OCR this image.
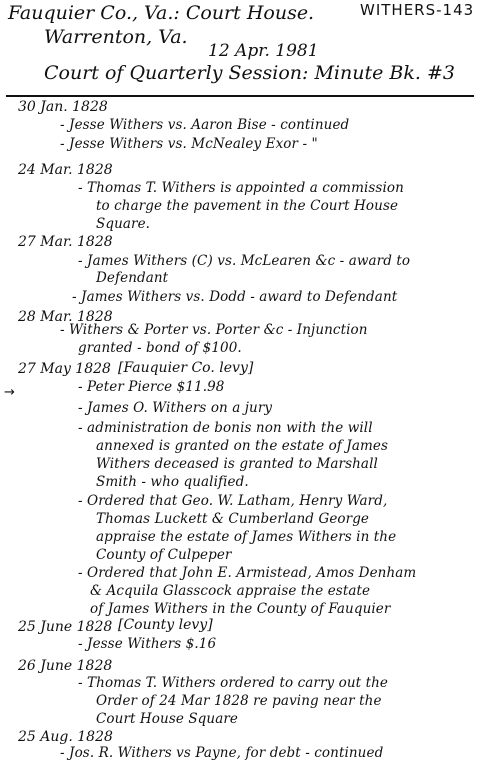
Fauquier Co., Va.: Court House.	WITHERS-143
Warrenton, Va.
12 Apr. 1981
Court of Quarterly Session: Minute Bk. #3
30 Jan. 1828
- Jesse Withers vs. Aaron Bise - continued
- Jesse Withers vs. McNealey Exor - "
24 Mar. 1828
- Thomas T. Withers is appointed a commission
to charge the pavement in the Court House
Square.
27 Mar. 1828
- James Withers (C) vs. McLearen &c - award to
Defendant
- James Withers vs. Dodd - award to Defendant
28 Mar. 1828
- Withers & Porter vs. Porter &c - Injunction
granted - bond of $100.
27 May 1828 [Fauquier Co. levy]
→	- Peter Pierce $11.98
- James O. Withers on a jury
- administration de bonis non with the will
annexed is granted on the estate of James
Withers deceased is granted to Marshall
Smith - who qualified.
- Ordered that Geo. W. Latham, Henry Ward,
Thomas Luckett & Cumberland George
appraise the estate of James Withers in the
County of Culpeper
- Ordered that John E. Armistead, Amos Denham
& Acquila Glasscock appraise the estate
of James Withers in the County of Fauquier
25 June 1828 [County levy]
- Jesse Withers $.16
26 June 1828
- Thomas T. Withers ordered to carry out the
Order of 24 Mar 1828 re paving near the
Court House Square
25 Aug. 1828
- Jos. R. Withers vs Payne, for debt - continued
